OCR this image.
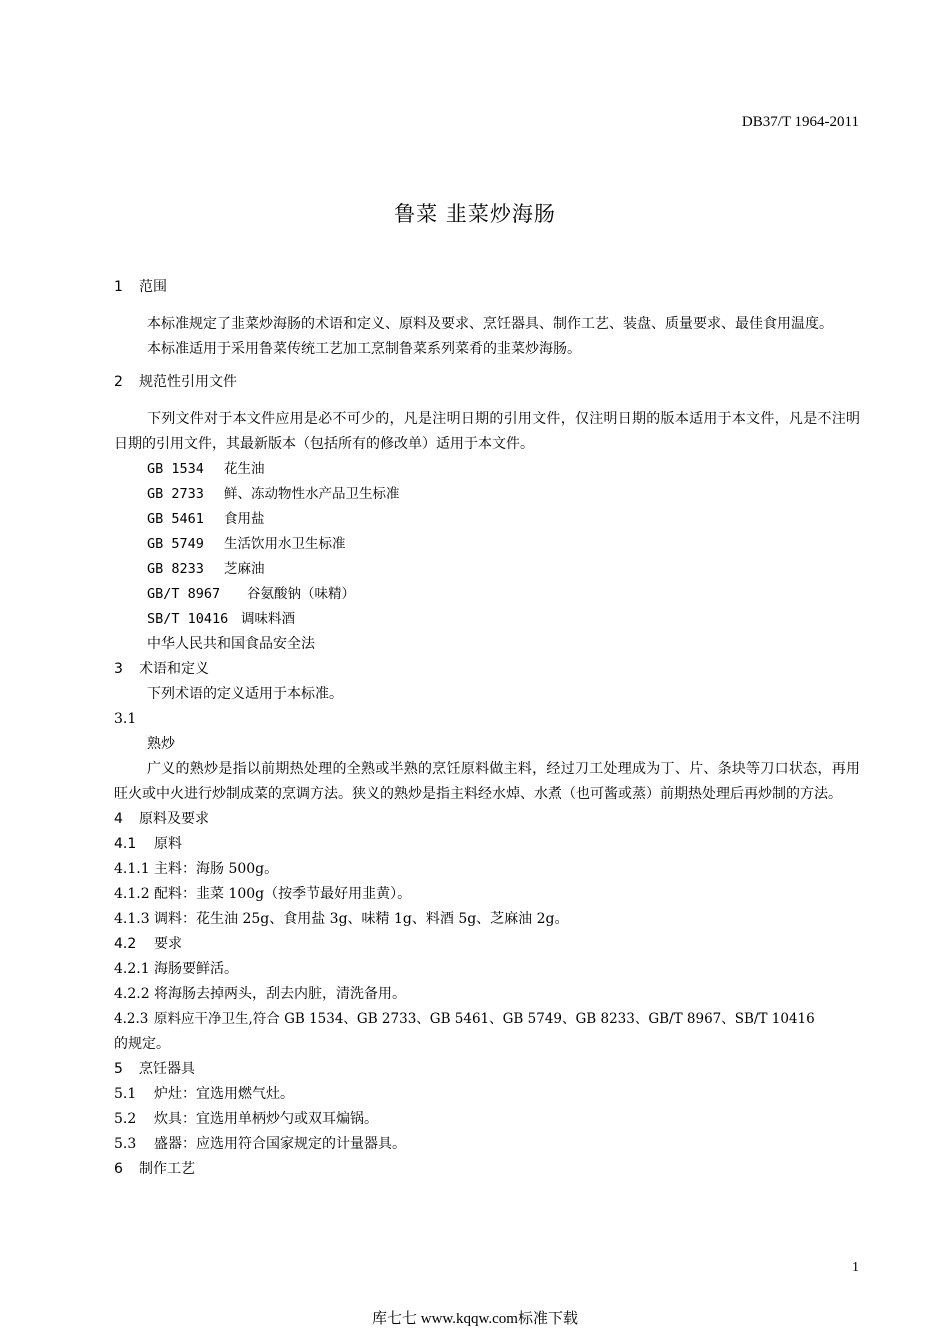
DB37/T 1964-2011
鲁菜 韭菜炒海肠
1 范围
本标准规定了韭菜炒海肠的术语和定义、原料及要求、烹饪器具、制作工艺、装盘、质量要求、最佳食用温度。
本标准适用于采用鲁菜传统工艺加工烹制鲁菜系列菜肴的韭菜炒海肠。
2 规范性引用文件
下列文件对于本文件应用是必不可少的，凡是注明日期的引用文件，仅注明日期的版本适用于本文件，凡是不注明日期的引用文件，其最新版本（包括所有的修改单）适用于本文件。
GB 1534 花生油
GB 2733 鲜、冻动物性水产品卫生标准
GB 5461 食用盐
GB 5749 生活饮用水卫生标准
GB 8233 芝麻油
GB/T 8967 谷氨酸钠（味精）
SB/T 10416 调味料酒
中华人民共和国食品安全法
3 术语和定义
下列术语的定义适用于本标准。
3.1
熟炒
广义的熟炒是指以前期热处理的全熟或半熟的烹饪原料做主料，经过刀工处理成为丁、片、条块等刀口状态，再用旺火或中火进行炒制成菜的烹调方法。狭义的熟炒是指主料经水焯、水煮（也可酱或蒸）前期热处理后再炒制的方法。
4 原料及要求
4.1 原料
4.1.1 主料：海肠 500g。
4.1.2 配料：韭菜 100g（按季节最好用韭黄）。
4.1.3 调料：花生油 25g、食用盐 3g、味精 1g、料酒 5g、芝麻油 2g。
4.2 要求
4.2.1 海肠要鲜活。
4.2.2 将海肠去掉两头，刮去内脏，清洗备用。
4.2.3 原料应干净卫生,符合 GB 1534、GB 2733、GB 5461、GB 5749、GB 8233、GB/T 8967、SB/T 10416
的规定。
5 烹饪器具
5.1 炉灶：宜选用燃气灶。
5.2 炊具：宜选用单柄炒勺或双耳煸锅。
5.3 盛器：应选用符合国家规定的计量器具。
6 制作工艺
1
库七七 www.kqqw.com标准下载
